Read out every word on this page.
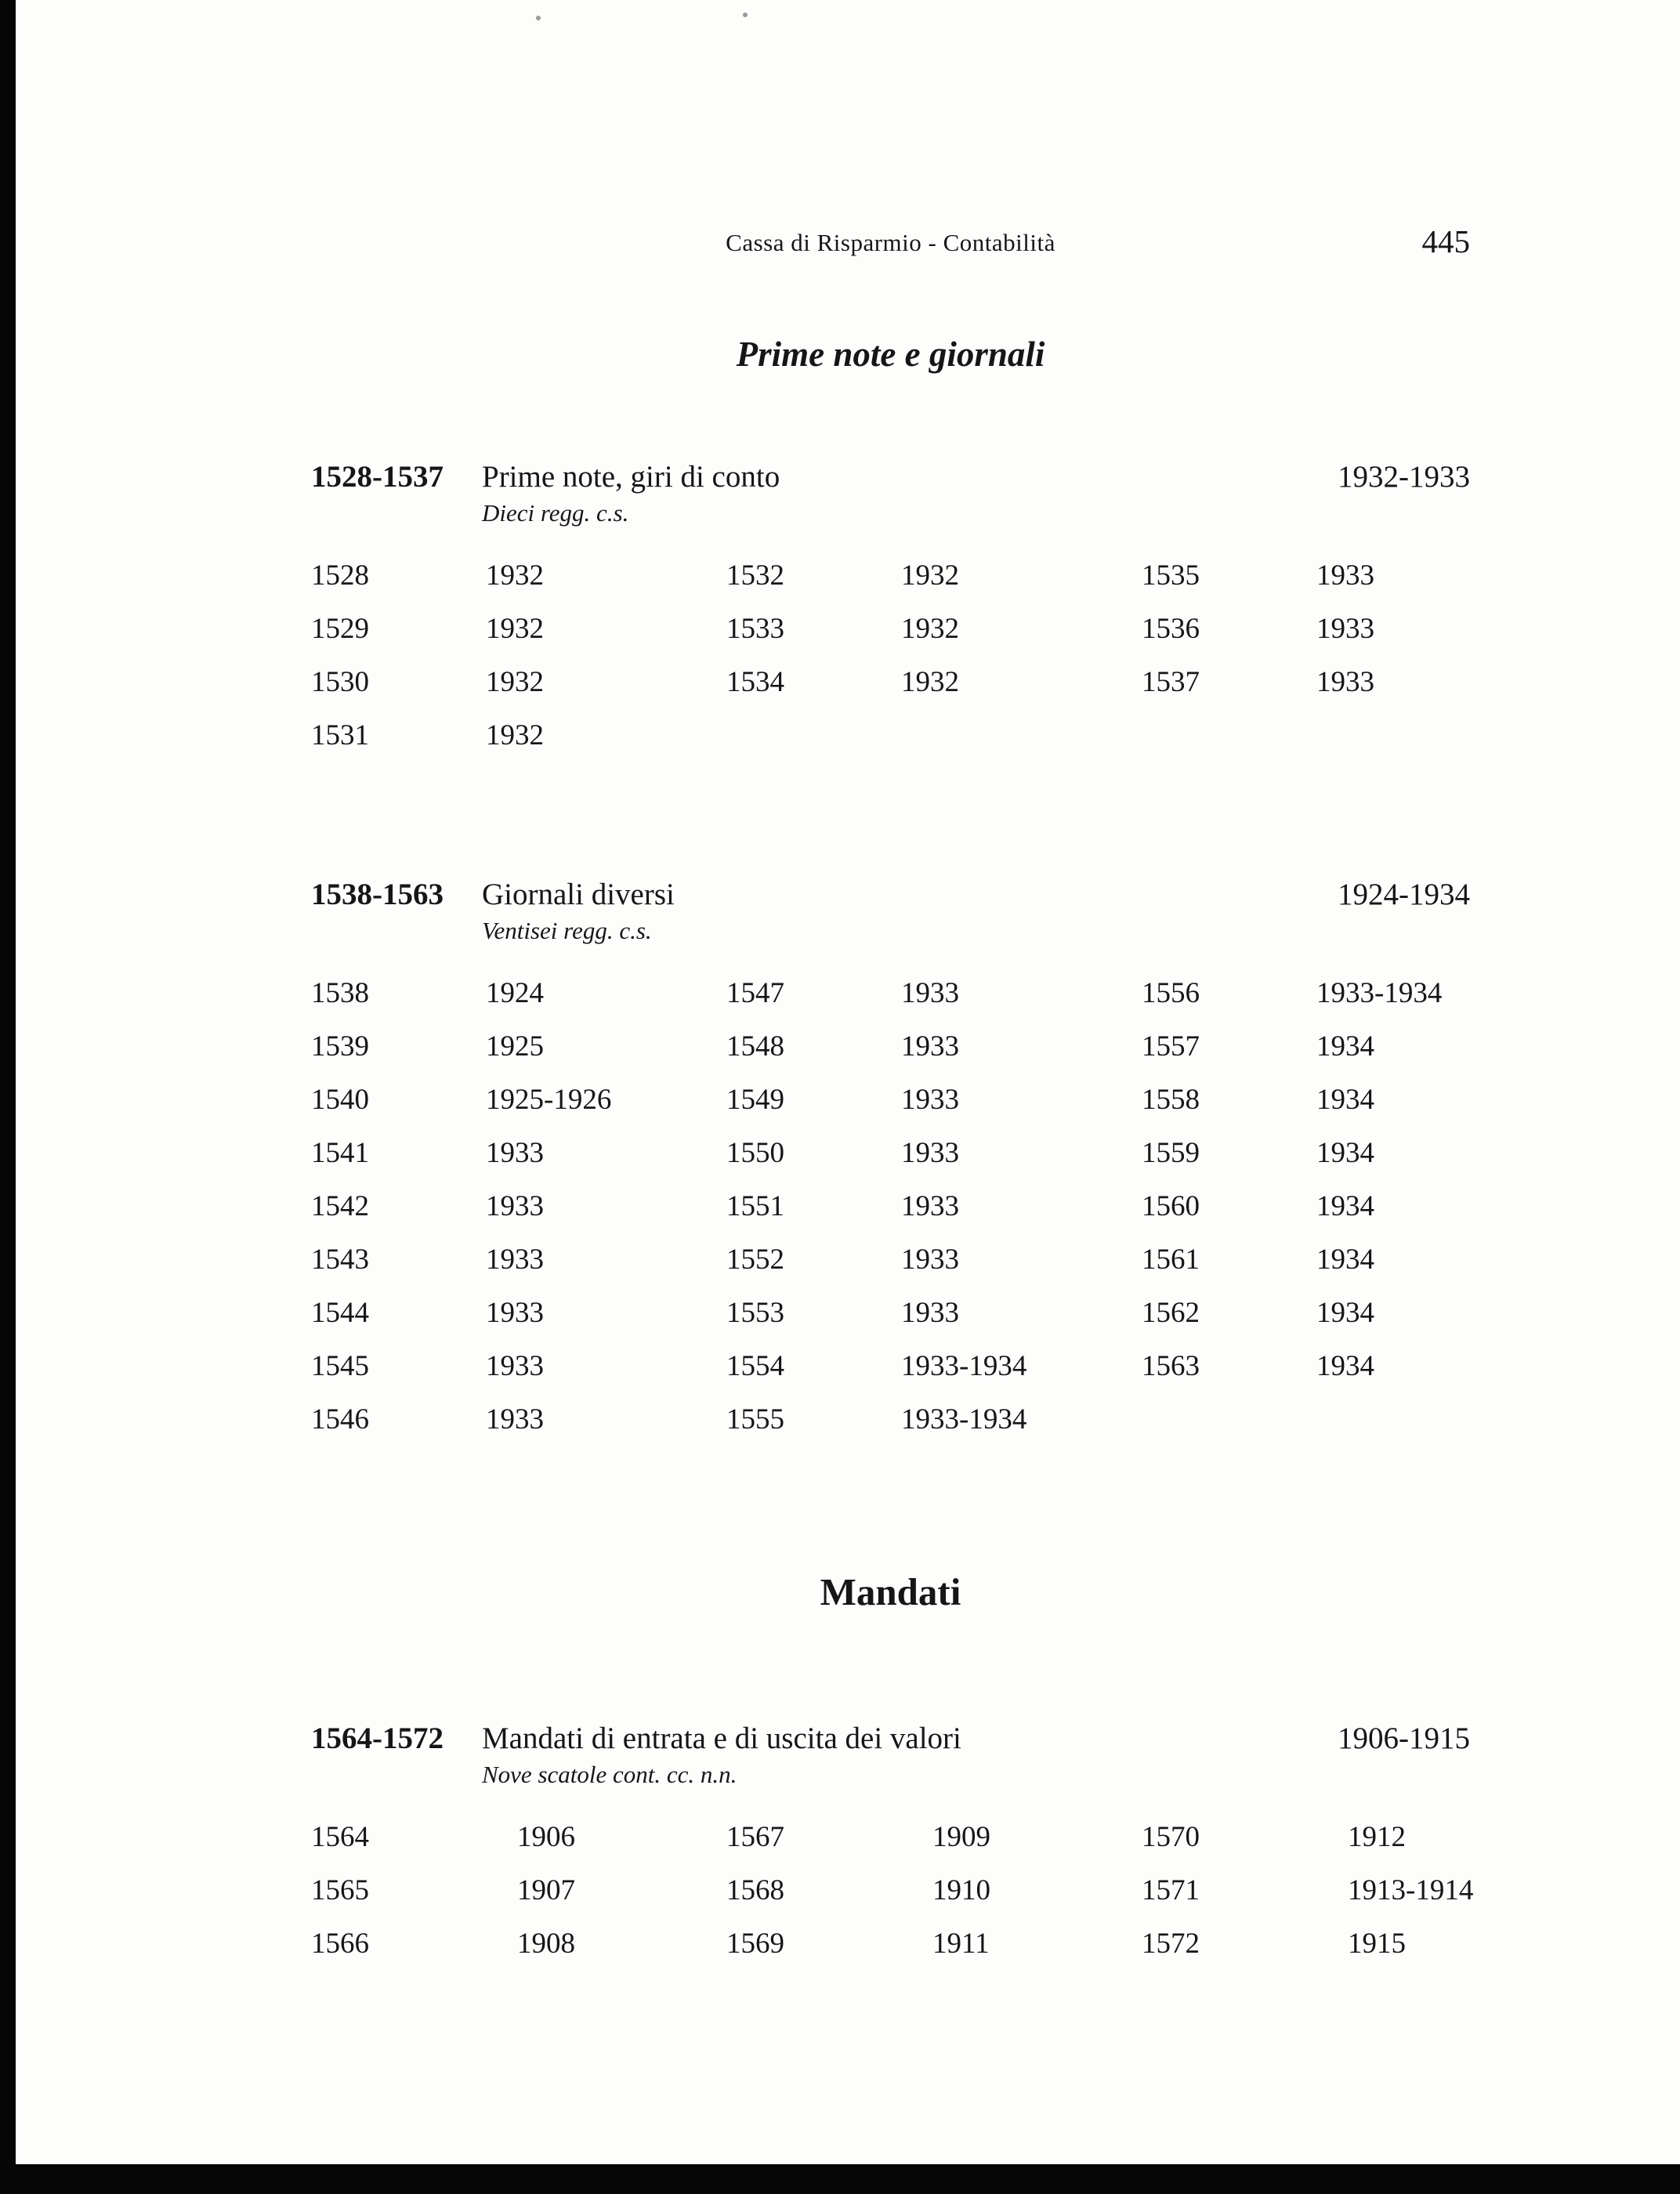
Cassa di Risparmio - Contabilità	445
Prime note e giornali
1528-1537	Prime note, giri di conto	1932-1933
Dieci regg. c.s.
1528	1932	1532	1932	1535	1933
1529	1932	1533	1932	1536	1933
1530	1932	1534	1932	1537	1933
1531	1932
1538-1563	Giornali diversi	1924-1934
Ventisei regg. c.s.
1538	1924	1547	1933	1556	1933-1934
1539	1925	1548	1933	1557	1934
1540	1925-1926	1549	1933	1558	1934
1541	1933	1550	1933	1559	1934
1542	1933	1551	1933	1560	1934
1543	1933	1552	1933	1561	1934
1544	1933	1553	1933	1562	1934
1545	1933	1554	1933-1934	1563	1934
1546	1933	1555	1933-1934
Mandati
1564-1572	Mandati di entrata e di uscita dei valori	1906-1915
Nove scatole cont. cc. n.n.
1564	1906	1567	1909	1570	1912
1565	1907	1568	1910	1571	1913-1914
1566	1908	1569	1911	1572	1915
